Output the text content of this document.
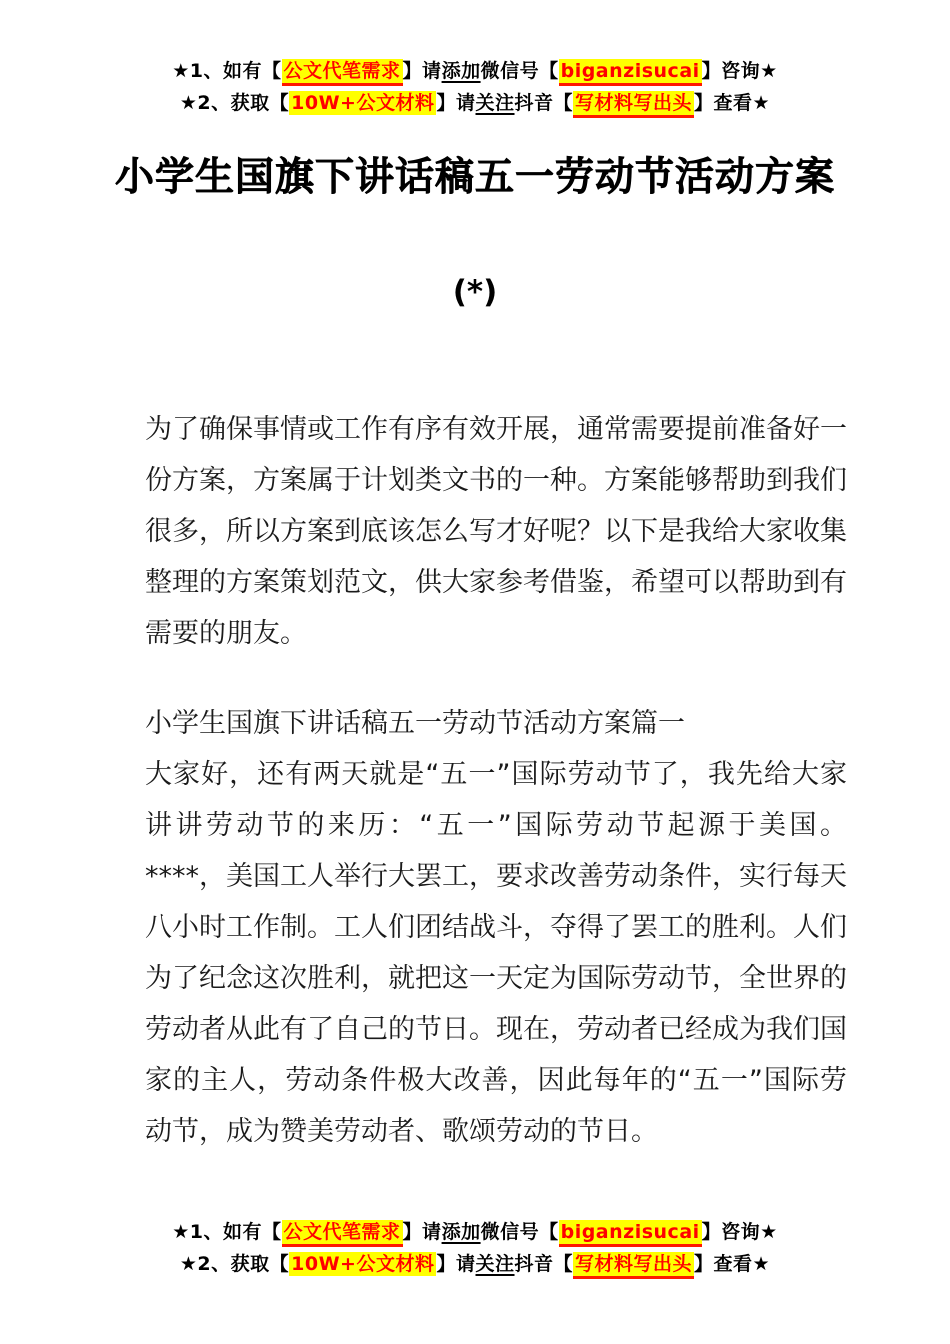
★1、如有【 公文代笔需求 】请添加微信号【 biganzisucai 】咨询★
★2、获取【 10W+公文材料 】请关注抖音【 写材料写出头 】查看★
小学生国旗下讲话稿五一劳动节活动方案
(*)

为了确保事情或工作有序有效开展，通常需要提前准备好一份方案，方案属于计划类文书的一种。方案能够帮助到我们很多，所以方案到底该怎么写才好呢？以下是我给大家收集整理的方案策划范文，供大家参考借鉴，希望可以帮助到有需要的朋友。

小学生国旗下讲话稿五一劳动节活动方案篇一

大家好，还有两天就是“五一”国际劳动节了，我先给大家讲讲劳动节的来历：“五一”国际劳动节起源于美国。****，美国工人举行大罢工，要求改善劳动条件，实行每天八小时工作制。工人们团结战斗，夺得了罢工的胜利。人们为了纪念这次胜利，就把这一天定为国际劳动节，全世界的劳动者从此有了自己的节日。现在，劳动者已经成为我们国家的主人，劳动条件极大改善，因此每年的“五一”国际劳动节，成为赞美劳动者、歌颂劳动的节日。

★1、如有【 公文代笔需求 】请添加微信号【 biganzisucai 】咨询★
★2、获取【 10W+公文材料 】请关注抖音【 写材料写出头 】查看★
